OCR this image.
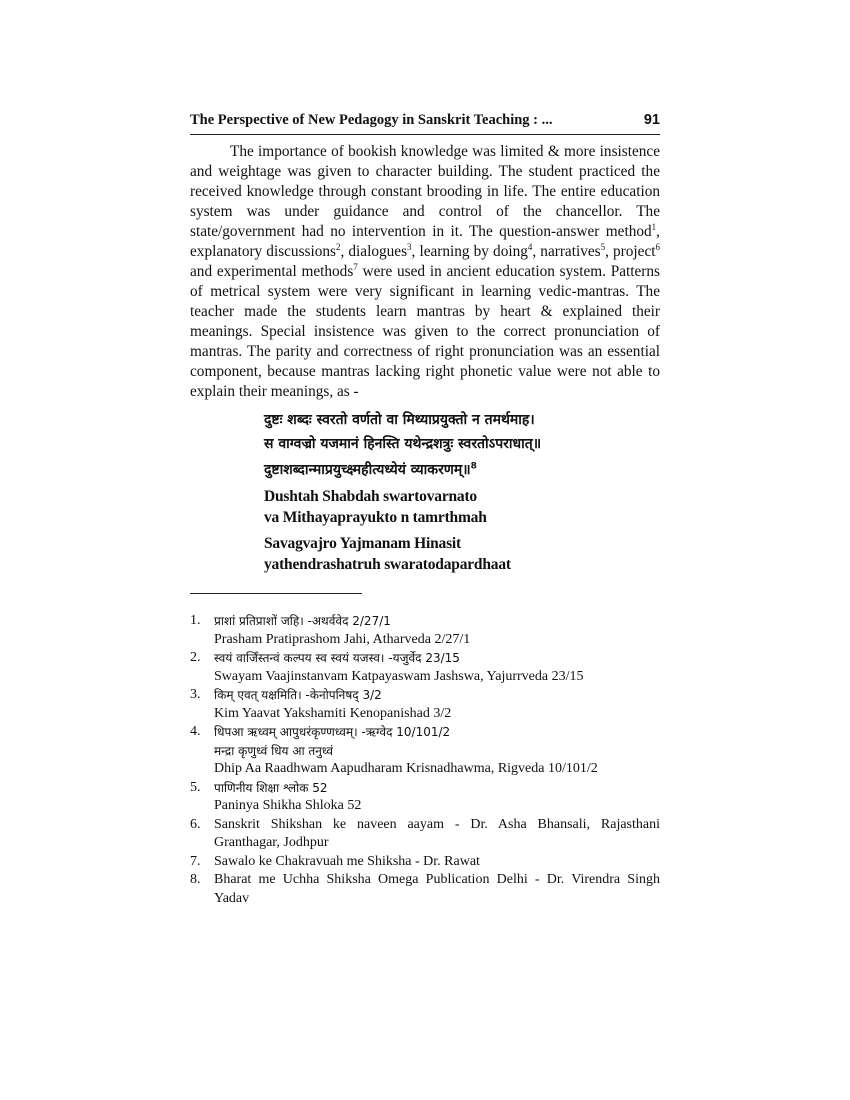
The Perspective of New Pedagogy in Sanskrit Teaching : ...	91
The importance of bookish knowledge was limited & more insistence and weightage was given to character building. The student practiced the received knowledge through constant brooding in life. The entire education system was under guidance and control of the chancellor. The state/government had no intervention in it. The question-answer method$^1$, explanatory discussions$^2$, dialogues$^3$, learning by doing$^4$, narratives$^5$, project$^6$ and experimental methods$^7$ were used in ancient education system. Patterns of metrical system were very significant in learning vedic-mantras. The teacher made the students learn mantras by heart & explained their meanings. Special insistence was given to the correct pronunciation of mantras. The parity and correctness of right pronunciation was an essential component, because mantras lacking right phonetic value were not able to explain their meanings, as -
दुष्टः शब्दः स्वरतो वर्णतो वा मिथ्याप्रयुक्तो न तमर्थमाह।
स वाग्वज्रो यजमानं हिनस्ति यथेन्द्रशत्रुः स्वरतोऽपराधात्॥
दुष्टाशब्दान्माप्रयुच्क्ष्महीत्यध्येयं व्याकरणम्॥$^8$
Dushtah Shabdah swartovarnato
va Mithayaprayukto n tamrthmah
Savagvajro Yajmanam Hinasit
yathendrashatruh swaratodapardhaat
1.	प्राशां प्रतिप्राशों जहि। -अथर्ववेद 2/27/1
Prasham Pratiprashom Jahi, Atharveda 2/27/1
2.	स्वयं वाजिँस्तन्वं कल्पय स्व स्वयं यजस्व। -यजुर्वेद 23/15
Swayam Vaajinstanvam Katpayaswam Jashswa, Yajurrveda 23/15
3.	किम् एवत् यक्षमिति। -केनोपनिषद् 3/2
Kim Yaavat Yakshamiti Kenopanishad 3/2
4.	धिपआ ऋध्वम् आपुधरंकृण्णध्वम्। -ऋग्वेद 10/101/2
मन्द्रा कृणुध्वं धिय आ तनुध्वं
Dhip Aa Raadhwam Aapudharam Krisnadhawma, Rigveda 10/101/2
5.	पाणिनीय शिक्षा श्लोक 52
Paninya Shikha Shloka 52
6. Sanskrit Shikshan ke naveen aayam - Dr. Asha Bhansali, Rajasthani Granthagar, Jodhpur
7. Sawalo ke Chakravuah me Shiksha - Dr. Rawat
8. Bharat me Uchha Shiksha Omega Publication Delhi - Dr. Virendra Singh Yadav
